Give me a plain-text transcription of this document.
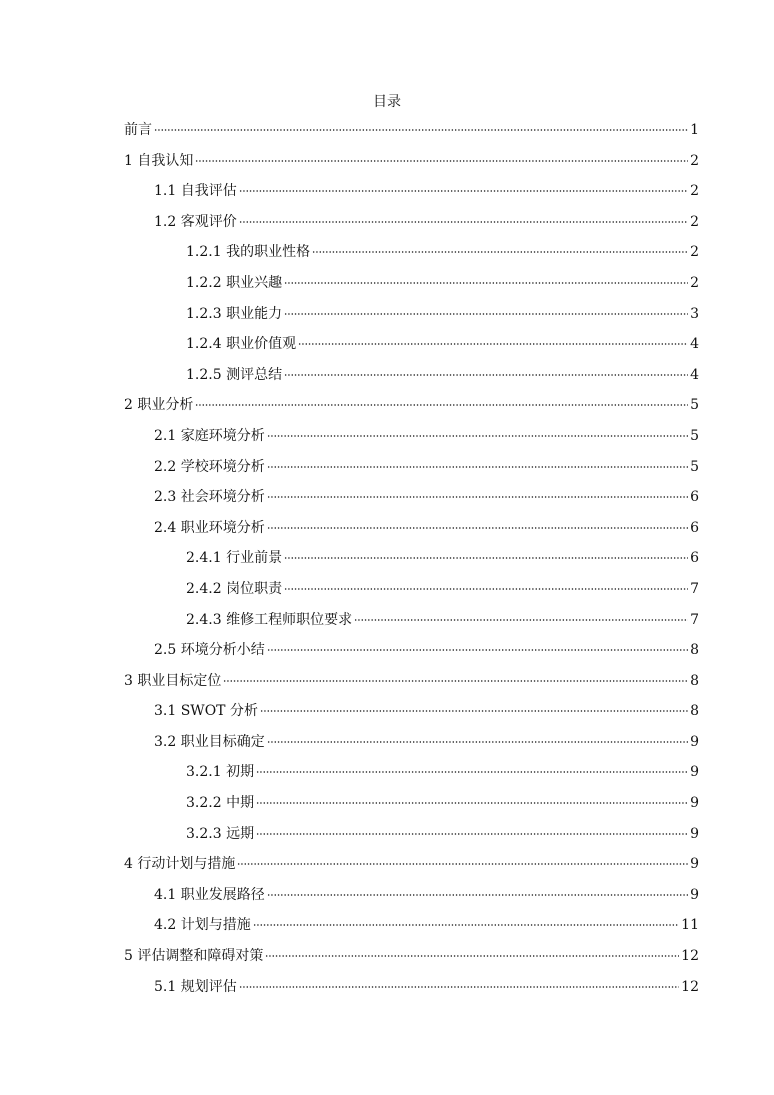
目录
前言	1
1 自我认知	2
1.1 自我评估	2
1.2 客观评价	2
1.2.1 我的职业性格	2
1.2.2 职业兴趣	2
1.2.3 职业能力	3
1.2.4 职业价值观	4
1.2.5 测评总结	4
2 职业分析	5
2.1 家庭环境分析	5
2.2 学校环境分析	5
2.3 社会环境分析	6
2.4 职业环境分析	6
2.4.1 行业前景	6
2.4.2 岗位职责	7
2.4.3 维修工程师职位要求	7
2.5 环境分析小结	8
3 职业目标定位	8
3.1 SWOT 分析	8
3.2 职业目标确定	9
3.2.1 初期	9
3.2.2 中期	9
3.2.3 远期	9
4 行动计划与措施	9
4.1 职业发展路径	9
4.2 计划与措施	11
5 评估调整和障碍对策	12
5.1 规划评估	12
